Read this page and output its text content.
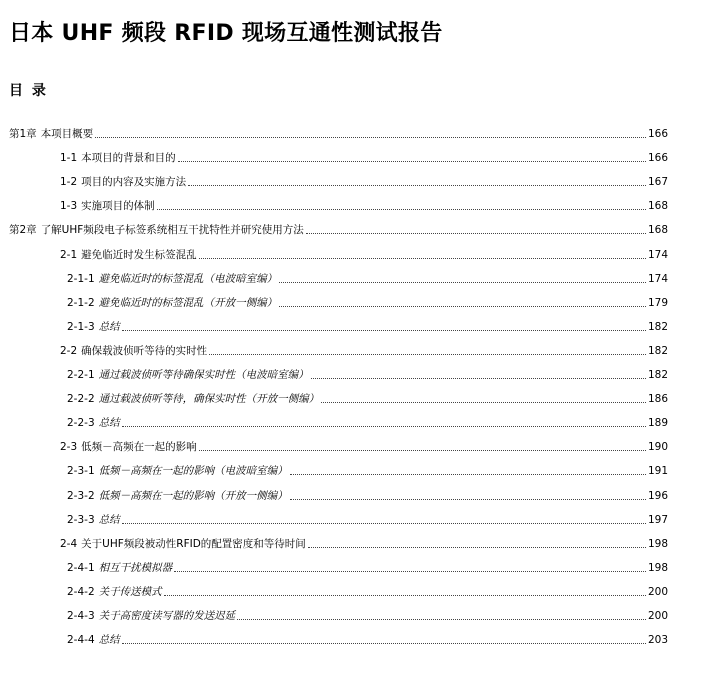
日本 UHF 频段 RFID 现场互通性测试报告
目 录
第1章 本项目概要	166
1-1 本项目的背景和目的	166
1-2 项目的内容及实施方法	167
1-3 实施项目的体制	168
第2章 了解UHF频段电子标签系统相互干扰特性并研究使用方法	168
2-1 避免临近时发生标签混乱	174
2-1-1 避免临近时的标签混乱（电波暗室编）	174
2-1-2 避免临近时的标签混乱（开放一侧编）	179
2-1-3 总结	182
2-2 确保载波侦听等待的实时性	182
2-2-1 通过载波侦听等待确保实时性（电波暗室编）	182
2-2-2 通过载波侦听等待，确保实时性（开放一侧编）	186
2-2-3 总结	189
2-3 低频－高频在一起的影响	190
2-3-1 低频－高频在一起的影响（电波暗室编）	191
2-3-2 低频－高频在一起的影响（开放一侧编）	196
2-3-3 总结	197
2-4 关于UHF频段被动性RFID的配置密度和等待时间	198
2-4-1 相互干扰模拟器	198
2-4-2 关于传送模式	200
2-4-3 关于高密度读写器的发送迟延	200
2-4-4 总结	203
